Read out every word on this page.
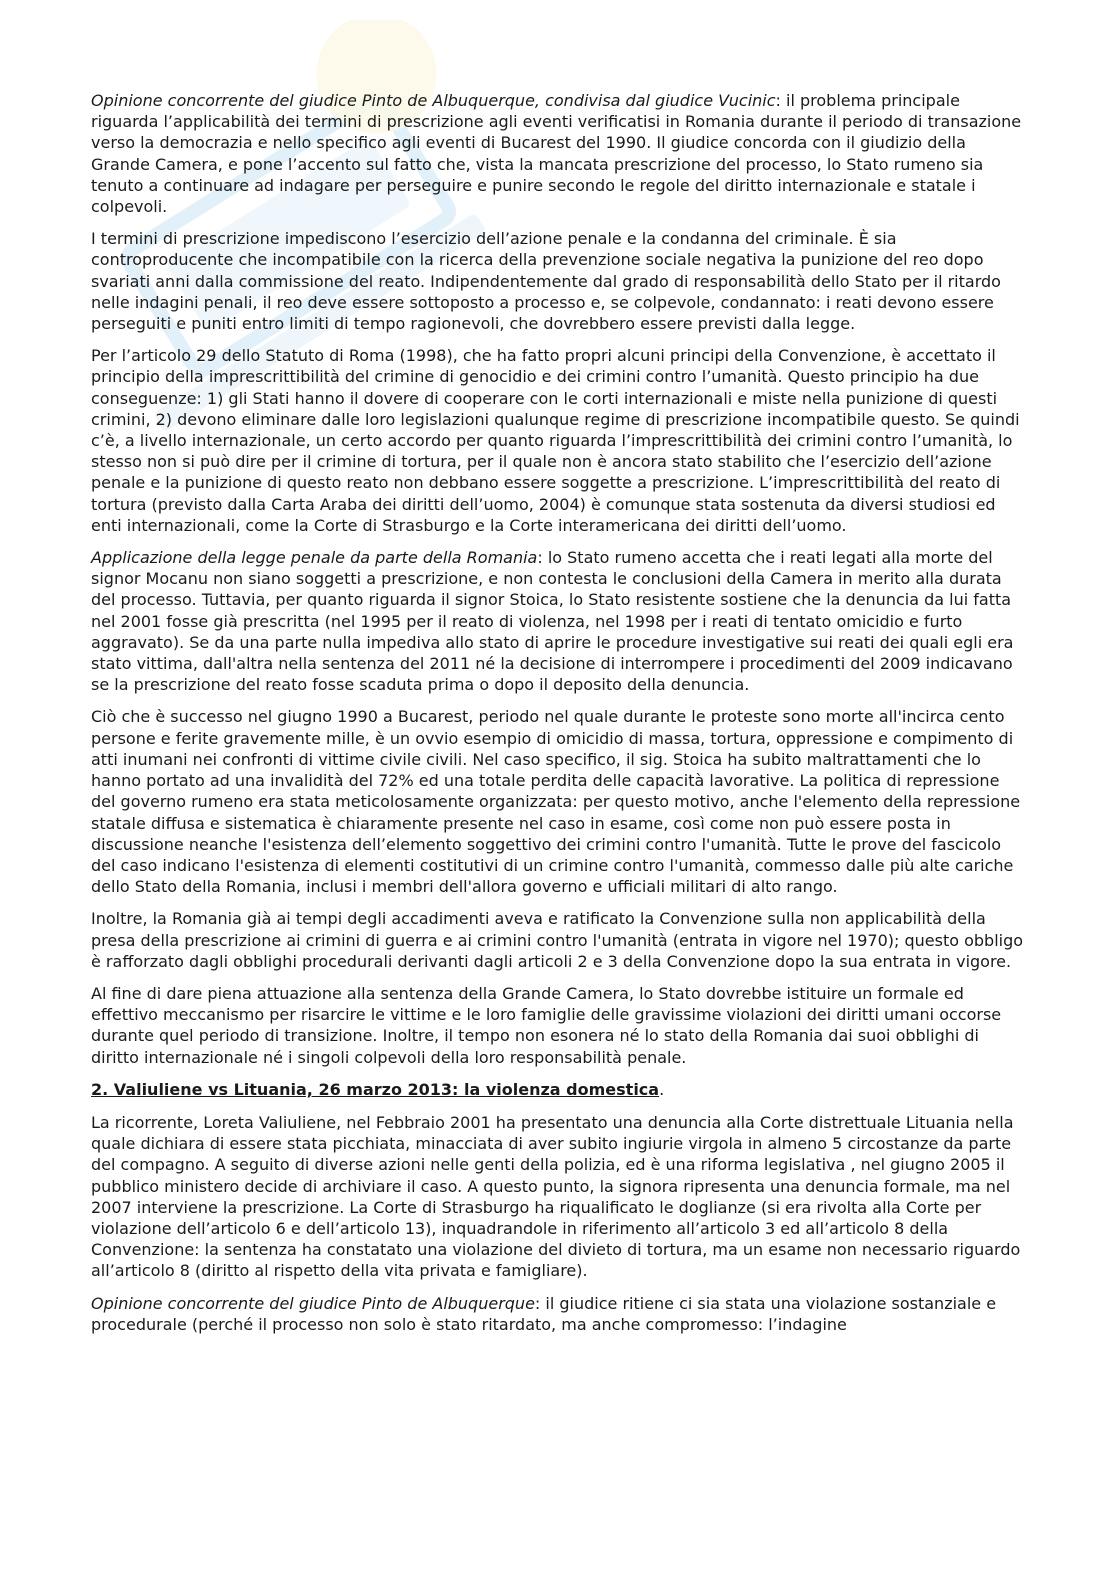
Opinione concorrente del giudice Pinto de Albuquerque, condivisa dal giudice Vucinic: il problema principale riguarda l’applicabilità dei termini di prescrizione agli eventi verificatisi in Romania durante il periodo di transazione verso la democrazia e nello specifico agli eventi di Bucarest del 1990. Il giudice concorda con il giudizio della Grande Camera, e pone l’accento sul fatto che, vista la mancata prescrizione del processo, lo Stato rumeno sia tenuto a continuare ad indagare per perseguire e punire secondo le regole del diritto internazionale e statale i colpevoli.

I termini di prescrizione impediscono l’esercizio dell’azione penale e la condanna del criminale. È sia controproducente che incompatibile con la ricerca della prevenzione sociale negativa la punizione del reo dopo svariati anni dalla commissione del reato. Indipendentemente dal grado di responsabilità dello Stato per il ritardo nelle indagini penali, il reo deve essere sottoposto a processo e, se colpevole, condannato: i reati devono essere perseguiti e puniti entro limiti di tempo ragionevoli, che dovrebbero essere previsti dalla legge.

Per l’articolo 29 dello Statuto di Roma (1998), che ha fatto propri alcuni principi della Convenzione, è accettato il principio della imprescrittibilità del crimine di genocidio e dei crimini contro l’umanità. Questo principio ha due conseguenze: 1) gli Stati hanno il dovere di cooperare con le corti internazionali e miste nella punizione di questi crimini, 2) devono eliminare dalle loro legislazioni qualunque regime di prescrizione incompatibile questo. Se quindi c’è, a livello internazionale, un certo accordo per quanto riguarda l’imprescrittibilità dei crimini contro l’umanità, lo stesso non si può dire per il crimine di tortura, per il quale non è ancora stato stabilito che l’esercizio dell’azione penale e la punizione di questo reato non debbano essere soggette a prescrizione. L’imprescrittibilità del reato di tortura (previsto dalla Carta Araba dei diritti dell’uomo, 2004) è comunque stata sostenuta da diversi studiosi ed enti internazionali, come la Corte di Strasburgo e la Corte interamericana dei diritti dell’uomo.

Applicazione della legge penale da parte della Romania: lo Stato rumeno accetta che i reati legati alla morte del signor Mocanu non siano soggetti a prescrizione, e non contesta le conclusioni della Camera in merito alla durata del processo. Tuttavia, per quanto riguarda il signor Stoica, lo Stato resistente sostiene che la denuncia da lui fatta nel 2001 fosse già prescritta (nel 1995 per il reato di violenza, nel 1998 per i reati di tentato omicidio e furto aggravato). Se da una parte nulla impediva allo stato di aprire le procedure investigative sui reati dei quali egli era stato vittima, dall'altra nella sentenza del 2011 né la decisione di interrompere i procedimenti del 2009 indicavano se la prescrizione del reato fosse scaduta prima o dopo il deposito della denuncia.

Ciò che è successo nel giugno 1990 a Bucarest, periodo nel quale durante le proteste sono morte all'incirca cento persone e ferite gravemente mille, è un ovvio esempio di omicidio di massa, tortura, oppressione e compimento di atti inumani nei confronti di vittime civile civili. Nel caso specifico, il sig. Stoica ha subito maltrattamenti che lo hanno portato ad una invalidità del 72% ed una totale perdita delle capacità lavorative. La politica di repressione del governo rumeno era stata meticolosamente organizzata: per questo motivo, anche l'elemento della repressione statale diffusa e sistematica è chiaramente presente nel caso in esame, così come non può essere posta in discussione neanche l'esistenza dell’elemento soggettivo dei crimini contro l'umanità. Tutte le prove del fascicolo del caso indicano l'esistenza di elementi costitutivi di un crimine contro l'umanità, commesso dalle più alte cariche dello Stato della Romania, inclusi i membri dell'allora governo e ufficiali militari di alto rango.

Inoltre, la Romania già ai tempi degli accadimenti aveva e ratificato la Convenzione sulla non applicabilità della presa della prescrizione ai crimini di guerra e ai crimini contro l'umanità (entrata in vigore nel 1970); questo obbligo è rafforzato dagli obblighi procedurali derivanti dagli articoli 2 e 3 della Convenzione dopo la sua entrata in vigore.

Al fine di dare piena attuazione alla sentenza della Grande Camera, lo Stato dovrebbe istituire un formale ed effettivo meccanismo per risarcire le vittime e le loro famiglie delle gravissime violazioni dei diritti umani occorse durante quel periodo di transizione. Inoltre, il tempo non esonera né lo stato della Romania dai suoi obblighi di diritto internazionale né i singoli colpevoli della loro responsabilità penale.

2. Valiuliene vs Lituania, 26 marzo 2013: la violenza domestica.

La ricorrente, Loreta Valiuliene, nel Febbraio 2001 ha presentato una denuncia alla Corte distrettuale Lituania nella quale dichiara di essere stata picchiata, minacciata di aver subito ingiurie virgola in almeno 5 circostanze da parte del compagno. A seguito di diverse azioni nelle genti della polizia, ed è una riforma legislativa , nel giugno 2005 il pubblico ministero decide di archiviare il caso. A questo punto, la signora ripresenta una denuncia formale, ma nel 2007 interviene la prescrizione. La Corte di Strasburgo ha riqualificato le doglianze (si era rivolta alla Corte per violazione dell’articolo 6 e dell’articolo 13), inquadrandole in riferimento all’articolo 3 ed all’articolo 8 della Convenzione: la sentenza ha constatato una violazione del divieto di tortura, ma un esame non necessario riguardo all’articolo 8 (diritto al rispetto della vita privata e famigliare).

Opinione concorrente del giudice Pinto de Albuquerque: il giudice ritiene ci sia stata una violazione sostanziale e procedurale (perché il processo non solo è stato ritardato, ma anche compromesso: l’indagine
